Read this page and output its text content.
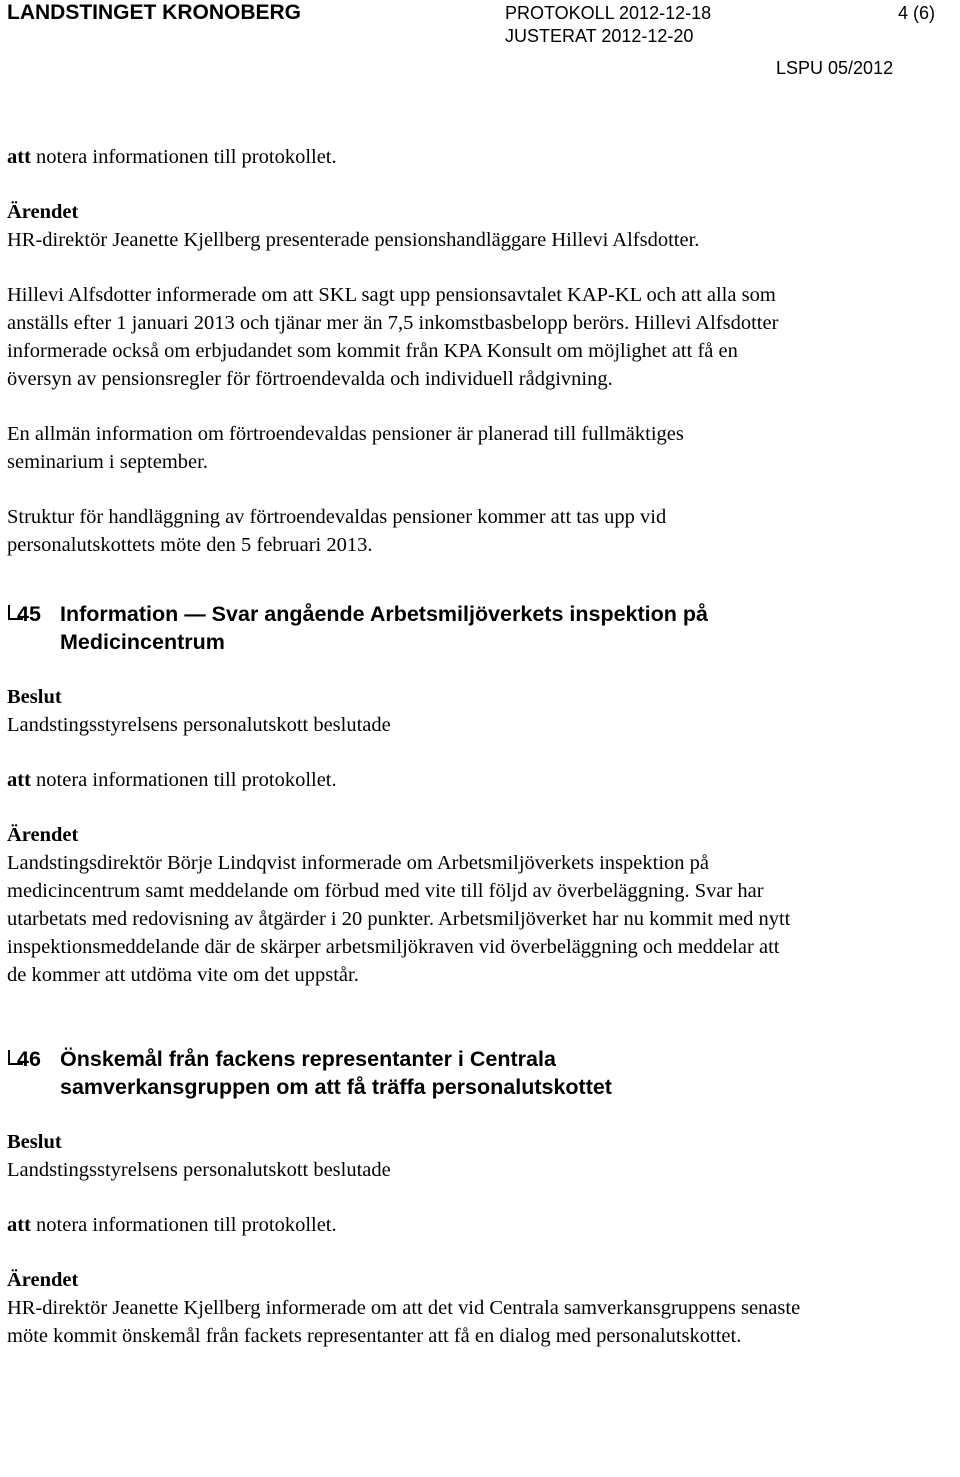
LANDSTINGET KRONOBERG	PROTOKOLL 2012-12-18
JUSTERAT 2012-12-20
4 (6)
LSPU 05/2012

att notera informationen till protokollet.

Ärendet

HR-direktör Jeanette Kjellberg presenterade pensionshandläggare Hillevi Alfsdotter.

Hillevi Alfsdotter informerade om att SKL sagt upp pensionsavtalet KAP-KL och att alla som anställs efter 1 januari 2013 och tjänar mer än 7,5 inkomstbasbelopp berörs. Hillevi Alfsdotter informerade också om erbjudandet som kommit från KPA Konsult om möjlighet att få en översyn av pensionsregler för förtroendevalda och individuell rådgivning.

En allmän information om förtroendevaldas pensioner är planerad till fullmäktiges seminarium i september.

Struktur för handläggning av förtroendevaldas pensioner kommer att tas upp vid personalutskottets möte den 5 februari 2013.

45 Information — Svar angående Arbetsmiljöverkets inspektion på Medicincentrum

Beslut

Landstingsstyrelsens personalutskott beslutade

att notera informationen till protokollet.

Ärendet

Landstingsdirektör Börje Lindqvist informerade om Arbetsmiljöverkets inspektion på medicincentrum samt meddelande om förbud med vite till följd av överbeläggning. Svar har utarbetats med redovisning av åtgärder i 20 punkter. Arbetsmiljöverket har nu kommit med nytt inspektionsmeddelande där de skärper arbetsmiljökraven vid överbeläggning och meddelar att de kommer att utdöma vite om det uppstår.

46 Önskemål från fackens representanter i Centrala samverkansgruppen om att få träffa personalutskottet

Beslut

Landstingsstyrelsens personalutskott beslutade

att notera informationen till protokollet.

Ärendet

HR-direktör Jeanette Kjellberg informerade om att det vid Centrala samverkansgruppens senaste möte kommit önskemål från fackets representanter att få en dialog med personalutskottet.
